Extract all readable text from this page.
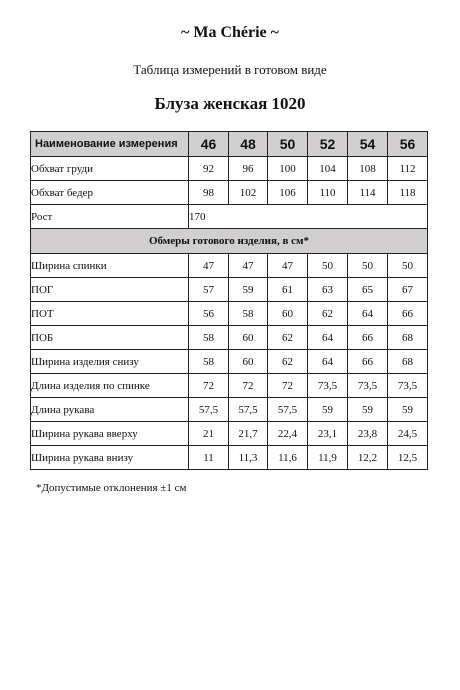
~ Ma Chérie ~
Таблица измерений в готовом виде
Блуза женская 1020
Наименование измерения	46	48	50	52	54	56
Обхват груди	92	96	100	104	108	112
Обхват бедер	98	102	106	110	114	118
Рост	170					
Обмеры готового изделия, в см*						
Ширина спинки	47	47	47	50	50	50
ПОГ	57	59	61	63	65	67
ПОТ	56	58	60	62	64	66
ПОБ	58	60	62	64	66	68
Ширина изделия снизу	58	60	62	64	66	68
Длина изделия по спинке	72	72	72	73,5	73,5	73,5
Длина рукава	57,5	57,5	57,5	59	59	59
Ширина рукава вверху	21	21,7	22,4	23,1	23,8	24,5
Ширина рукава внизу	11	11,3	11,6	11,9	12,2	12,5
*Допустимые отклонения ±1 см
